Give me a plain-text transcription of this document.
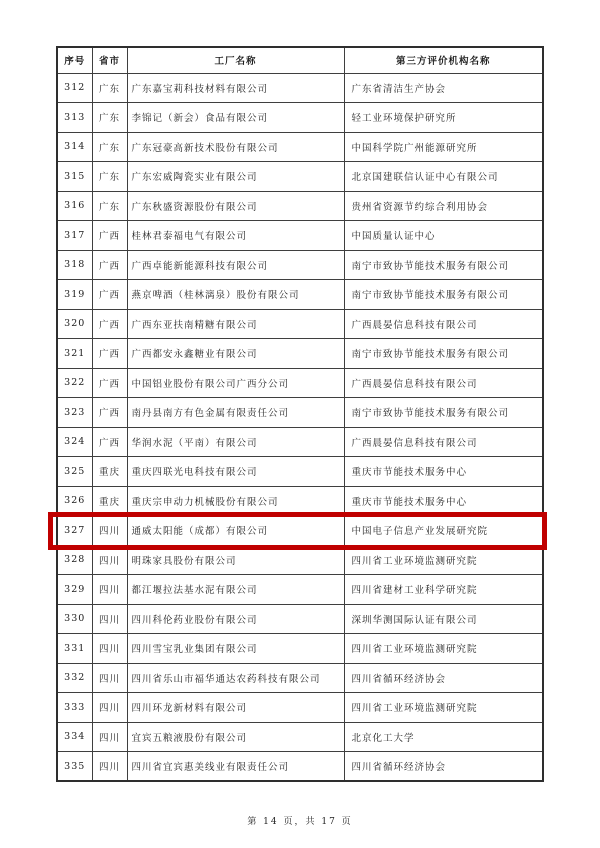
序号	省市	工厂名称	第三方评价机构名称
312	广东	广东嘉宝莉科技材料有限公司	广东省清洁生产协会
313	广东	李锦记（新会）食品有限公司	轻工业环境保护研究所
314	广东	广东冠豪高新技术股份有限公司	中国科学院广州能源研究所
315	广东	广东宏威陶瓷实业有限公司	北京国建联信认证中心有限公司
316	广东	广东秋盛资源股份有限公司	贵州省资源节约综合利用协会
317	广西	桂林君泰福电气有限公司	中国质量认证中心
318	广西	广西卓能新能源科技有限公司	南宁市致协节能技术服务有限公司
319	广西	燕京啤酒（桂林漓泉）股份有限公司	南宁市致协节能技术服务有限公司
320	广西	广西东亚扶南精糖有限公司	广西晨晏信息科技有限公司
321	广西	广西都安永鑫糖业有限公司	南宁市致协节能技术服务有限公司
322	广西	中国铝业股份有限公司广西分公司	广西晨晏信息科技有限公司
323	广西	南丹县南方有色金属有限责任公司	南宁市致协节能技术服务有限公司
324	广西	华润水泥（平南）有限公司	广西晨晏信息科技有限公司
325	重庆	重庆四联光电科技有限公司	重庆市节能技术服务中心
326	重庆	重庆宗申动力机械股份有限公司	重庆市节能技术服务中心
327	四川	通威太阳能（成都）有限公司	中国电子信息产业发展研究院
328	四川	明珠家具股份有限公司	四川省工业环境监测研究院
329	四川	都江堰拉法基水泥有限公司	四川省建材工业科学研究院
330	四川	四川科伦药业股份有限公司	深圳华测国际认证有限公司
331	四川	四川雪宝乳业集团有限公司	四川省工业环境监测研究院
332	四川	四川省乐山市福华通达农药科技有限公司	四川省循环经济协会
333	四川	四川环龙新材料有限公司	四川省工业环境监测研究院
334	四川	宜宾五粮液股份有限公司	北京化工大学
335	四川	四川省宜宾惠美线业有限责任公司	四川省循环经济协会
第 14 页，共 17 页
